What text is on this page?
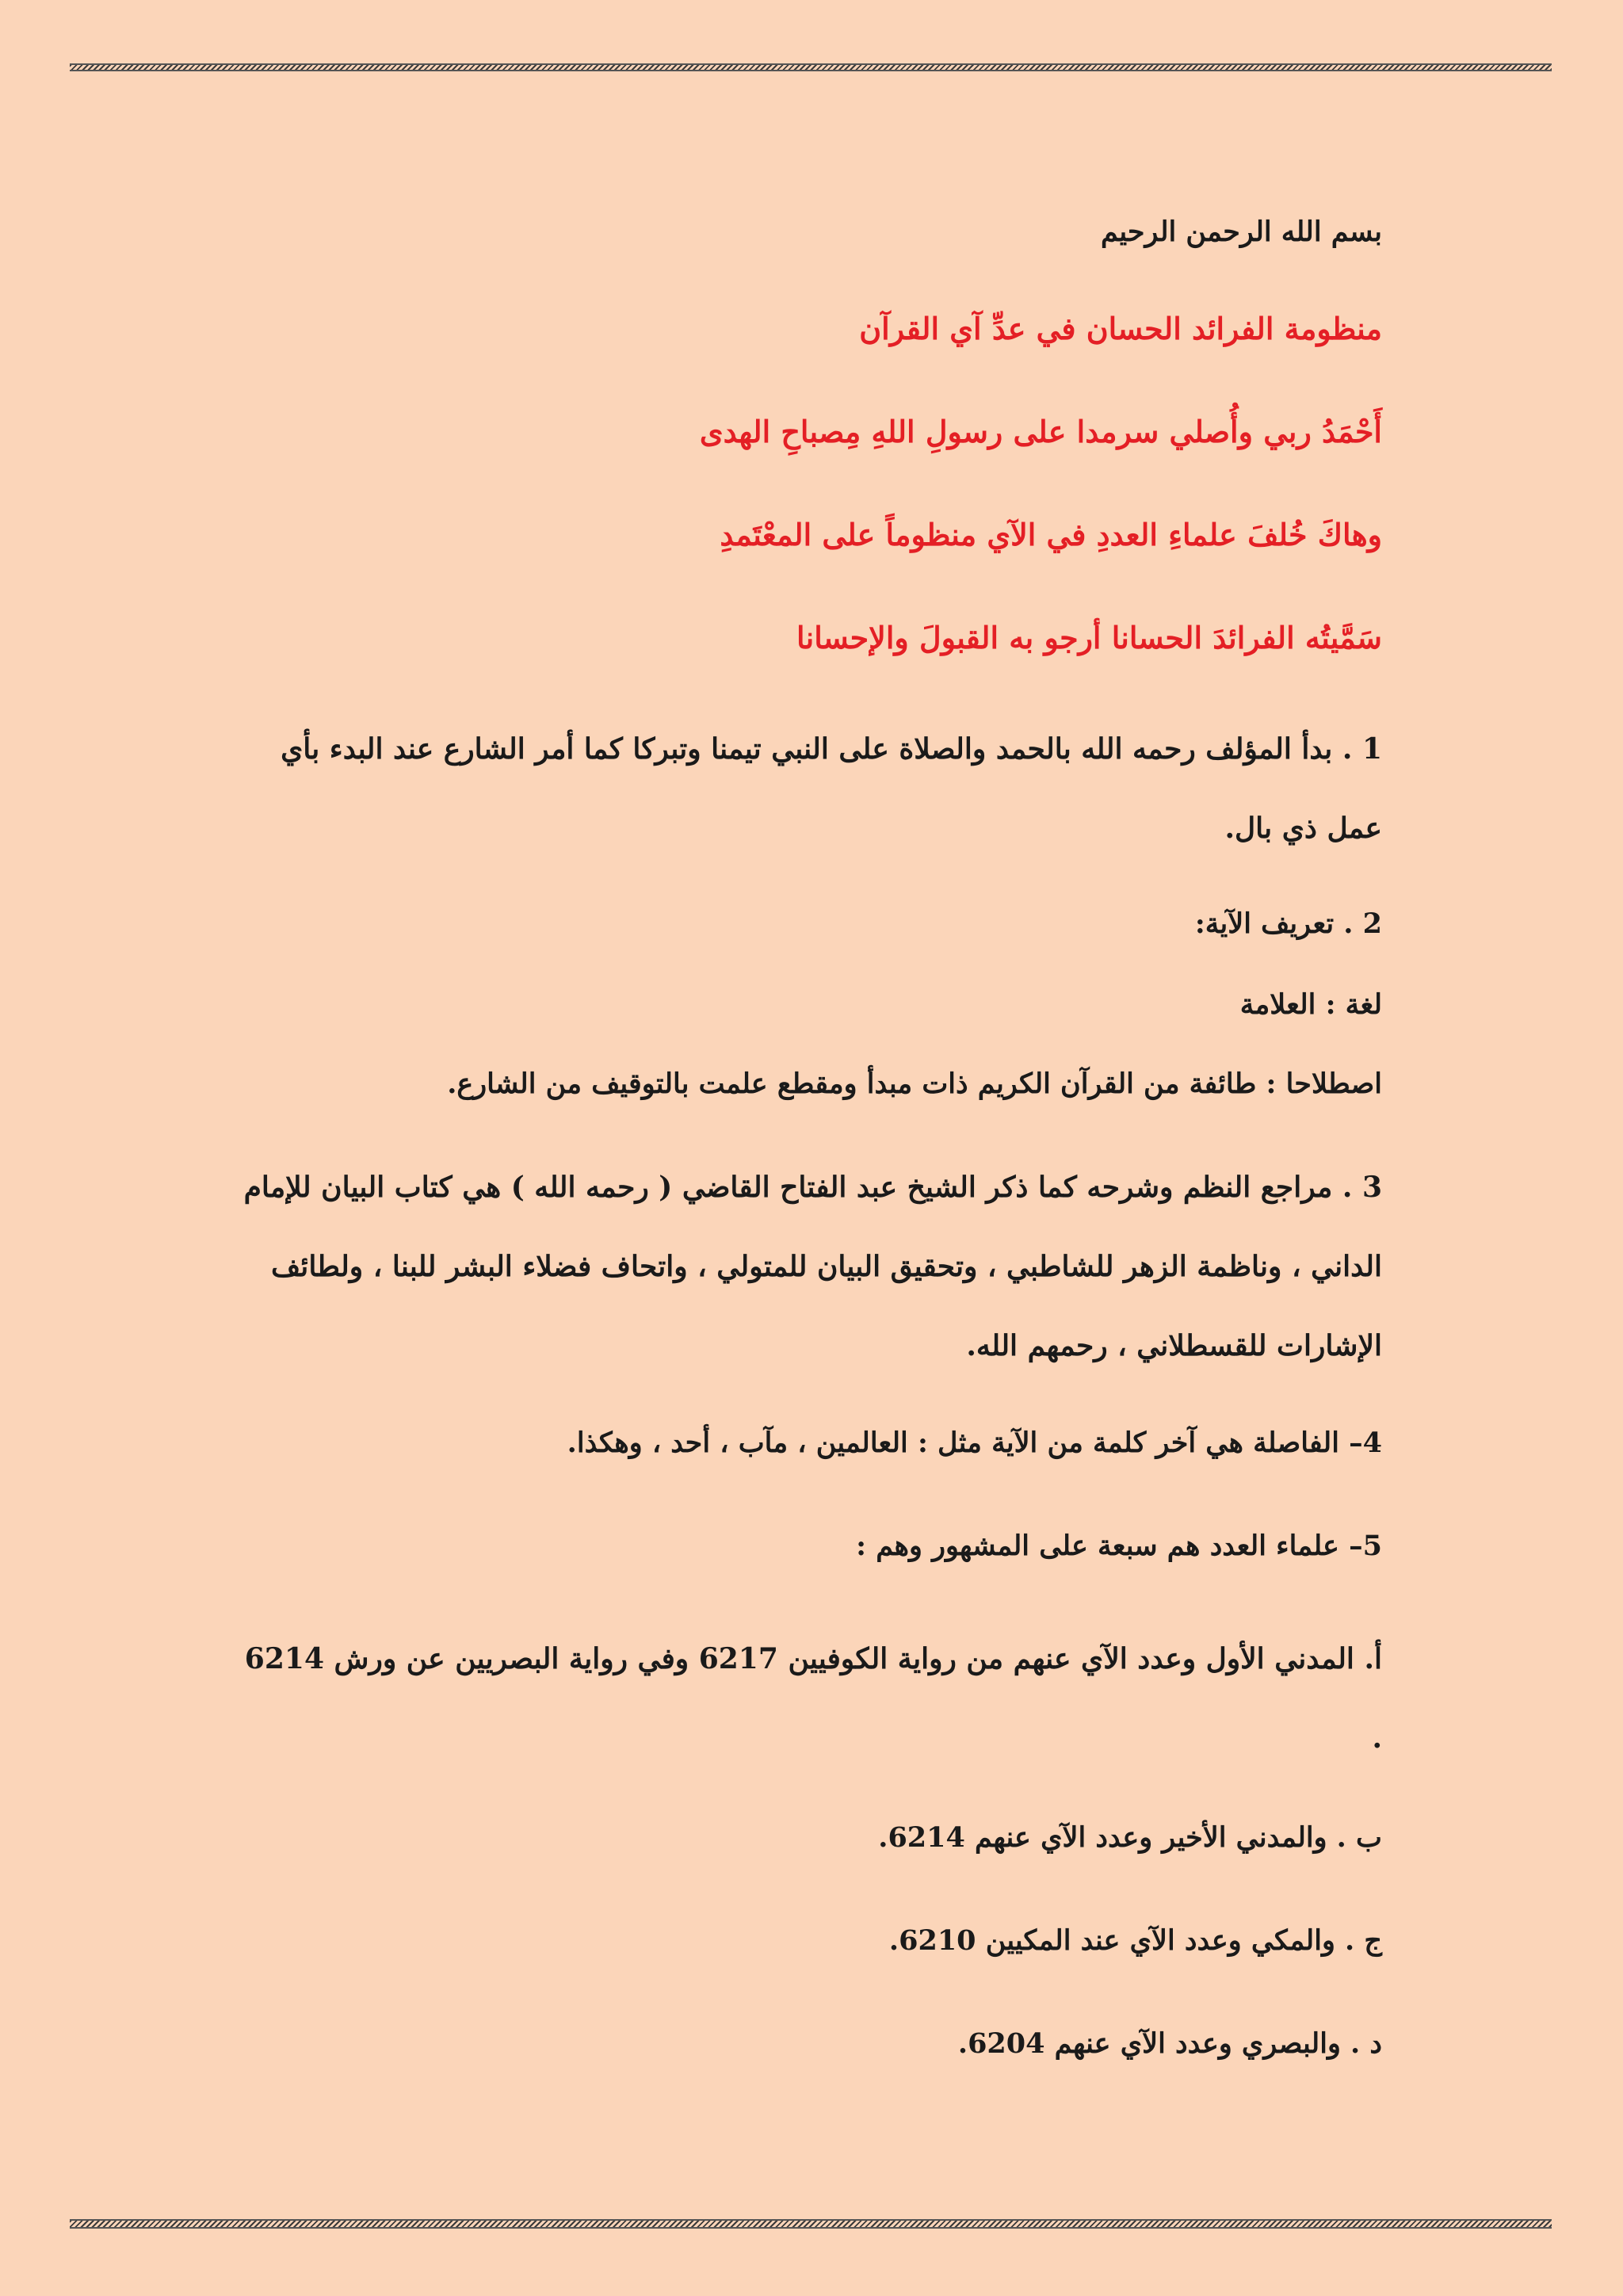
بسم الله الرحمن الرحيم
منظومة الفرائد الحسان في عدِّ آي القرآن
أَحْمَدُ ربي وأُصلي سرمدا على رسولِ اللهِ مِصباحِ الهدى
وهاكَ خُلفَ علماءِ العددِ في الآي منظوماً على المعْتَمدِ
سَمَّيتُه الفرائدَ الحسانا أرجو به القبولَ والإحسانا
1 . بدأ المؤلف رحمه الله بالحمد والصلاة على النبي تيمنا وتبركا كما أمر الشارع عند البدء بأي عمل ذي بال.
2 . تعريف الآية:
لغة : العلامة
اصطلاحا : طائفة من القرآن الكريم ذات مبدأ ومقطع علمت بالتوقيف من الشارع.
3 . مراجع النظم وشرحه كما ذكر الشيخ عبد الفتاح القاضي ( رحمه الله ) هي كتاب البيان للإمام الداني ، وناظمة الزهر للشاطبي ، وتحقيق البيان للمتولي ، واتحاف فضلاء البشر للبنا ، ولطائف الإشارات للقسطلاني ، رحمهم الله.
4– الفاصلة هي آخر كلمة من الآية مثل : العالمين ، مآب ، أحد ، وهكذا.
5– علماء العدد هم سبعة على المشهور وهم :
أ. المدني الأول وعدد الآي عنهم من رواية الكوفيين 6217 وفي رواية البصريين عن ورش 6214 .
ب . والمدني الأخير وعدد الآي عنهم 6214.
ج . والمكي وعدد الآي عند المكيين 6210.
د . والبصري وعدد الآي عنهم 6204.
